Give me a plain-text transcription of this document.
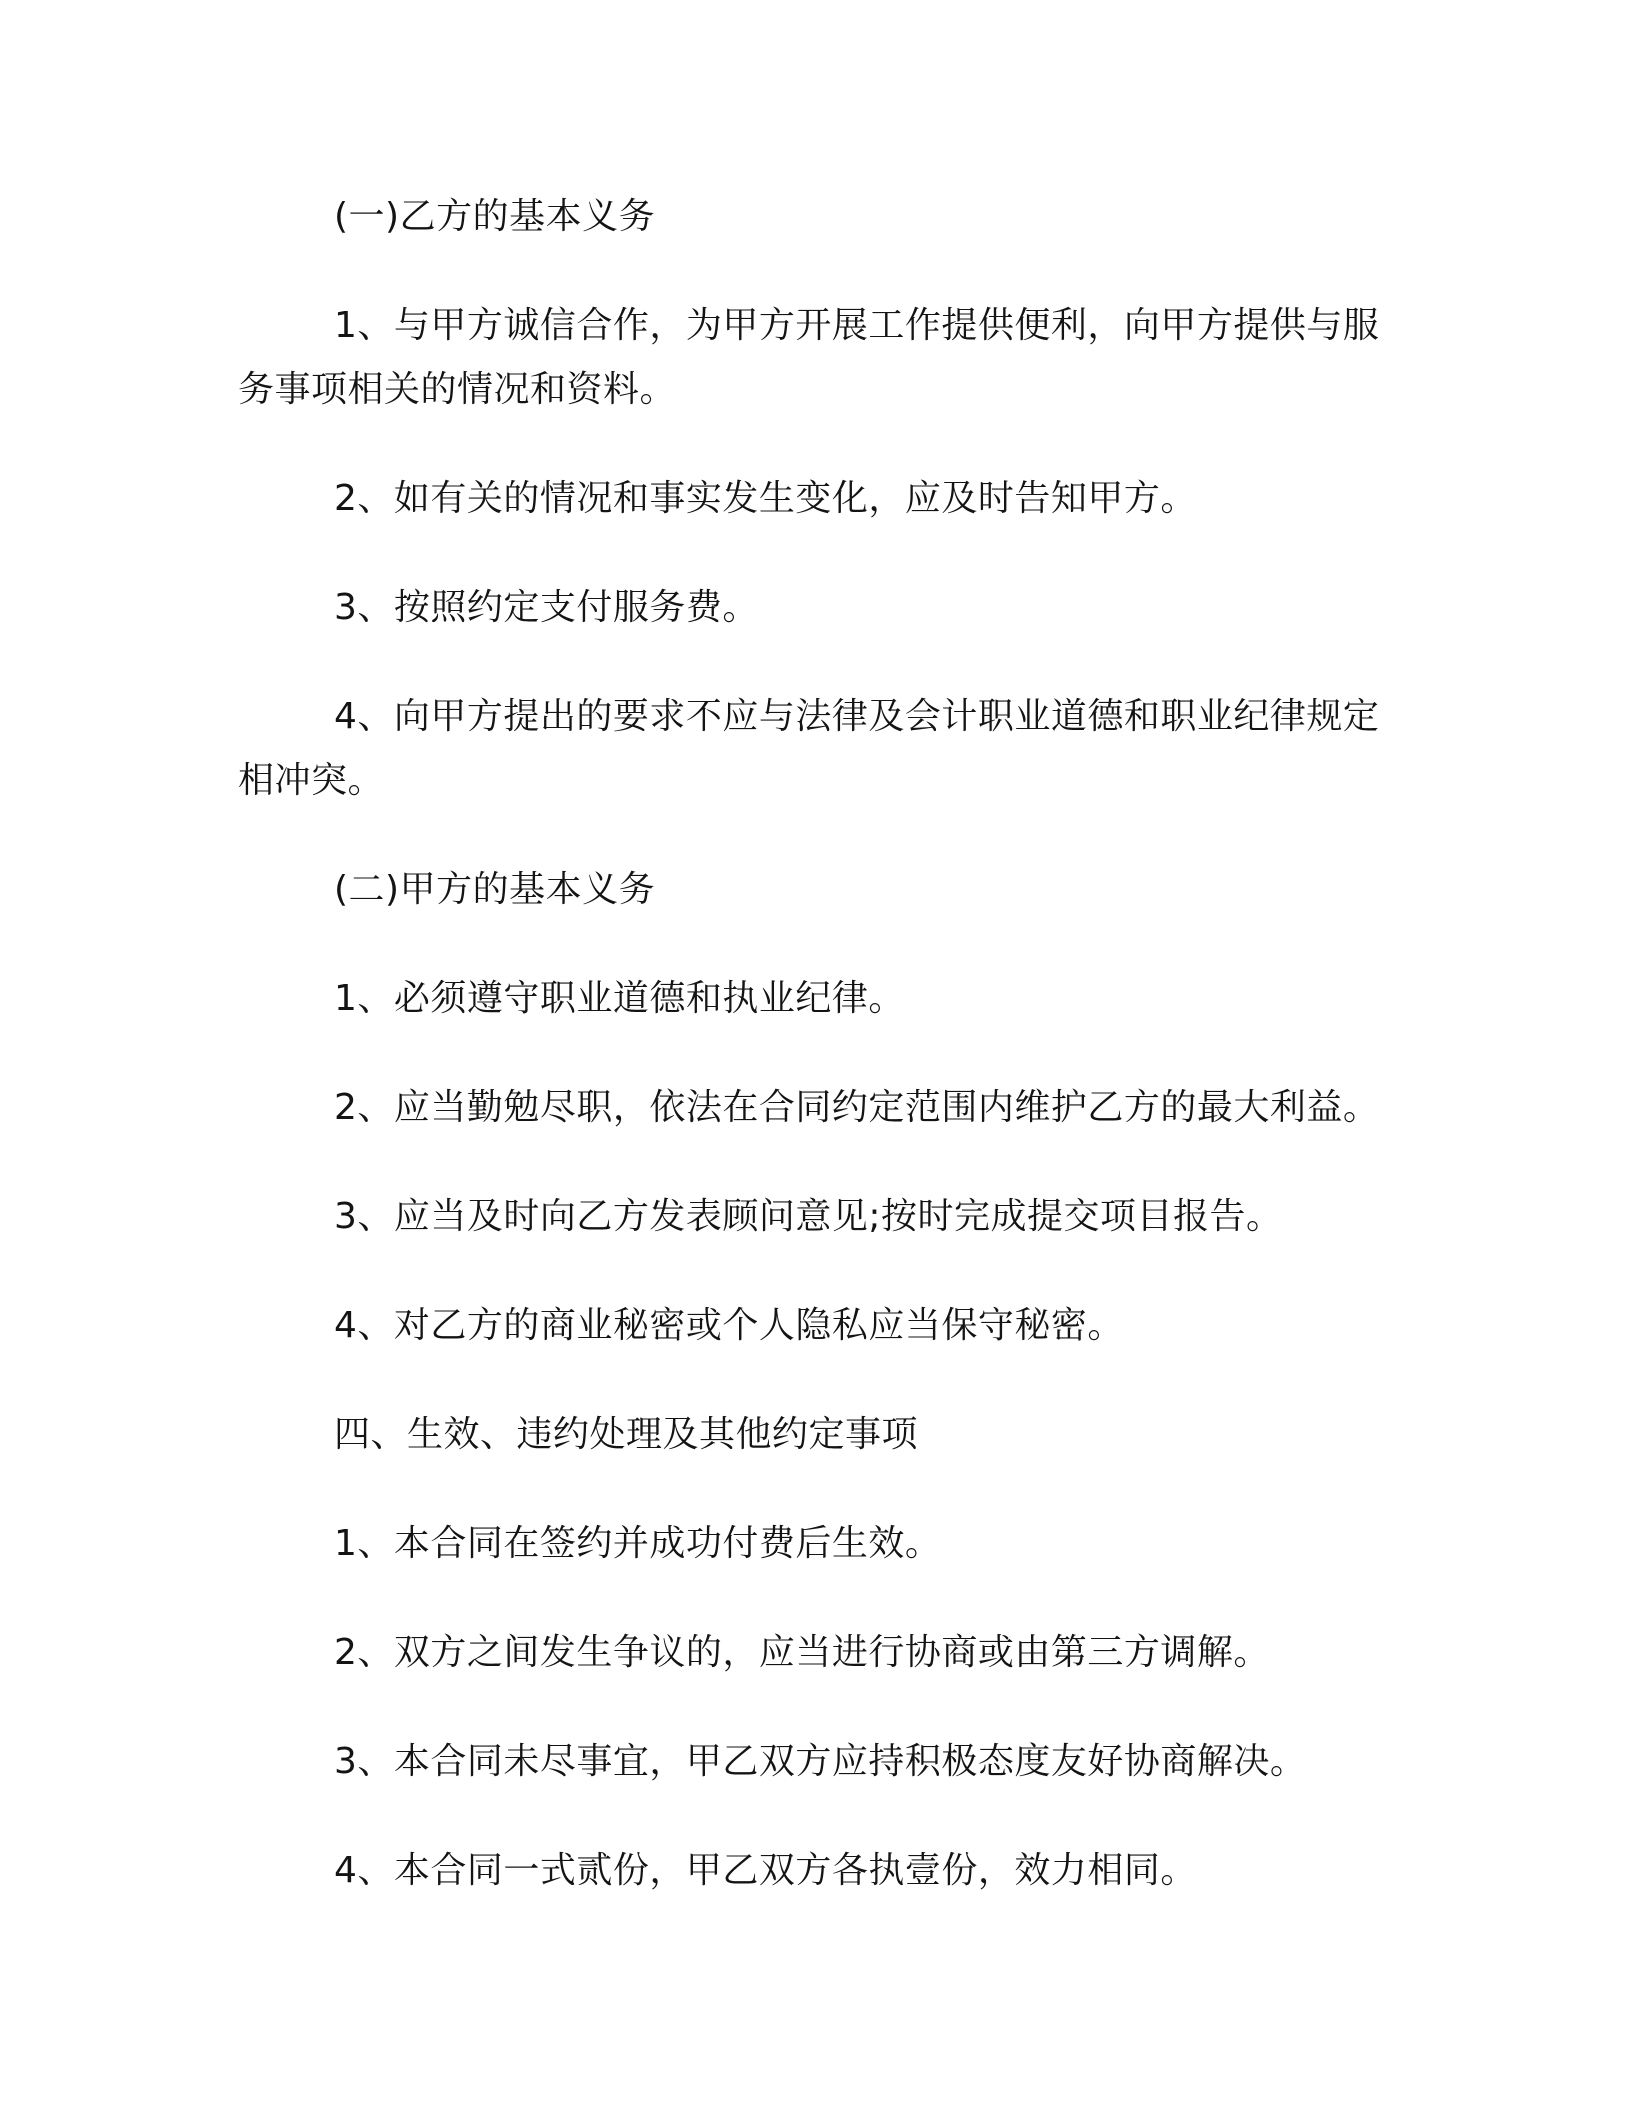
(一)乙方的基本义务

1、与甲方诚信合作，为甲方开展工作提供便利，向甲方提供与服务事项相关的情况和资料。

2、如有关的情况和事实发生变化，应及时告知甲方。

3、按照约定支付服务费。

4、向甲方提出的要求不应与法律及会计职业道德和职业纪律规定相冲突。

(二)甲方的基本义务

1、必须遵守职业道德和执业纪律。

2、应当勤勉尽职，依法在合同约定范围内维护乙方的最大利益。

3、应当及时向乙方发表顾问意见;按时完成提交项目报告。

4、对乙方的商业秘密或个人隐私应当保守秘密。

四、生效、违约处理及其他约定事项

1、本合同在签约并成功付费后生效。

2、双方之间发生争议的，应当进行协商或由第三方调解。

3、本合同未尽事宜，甲乙双方应持积极态度友好协商解决。

4、本合同一式贰份，甲乙双方各执壹份，效力相同。
